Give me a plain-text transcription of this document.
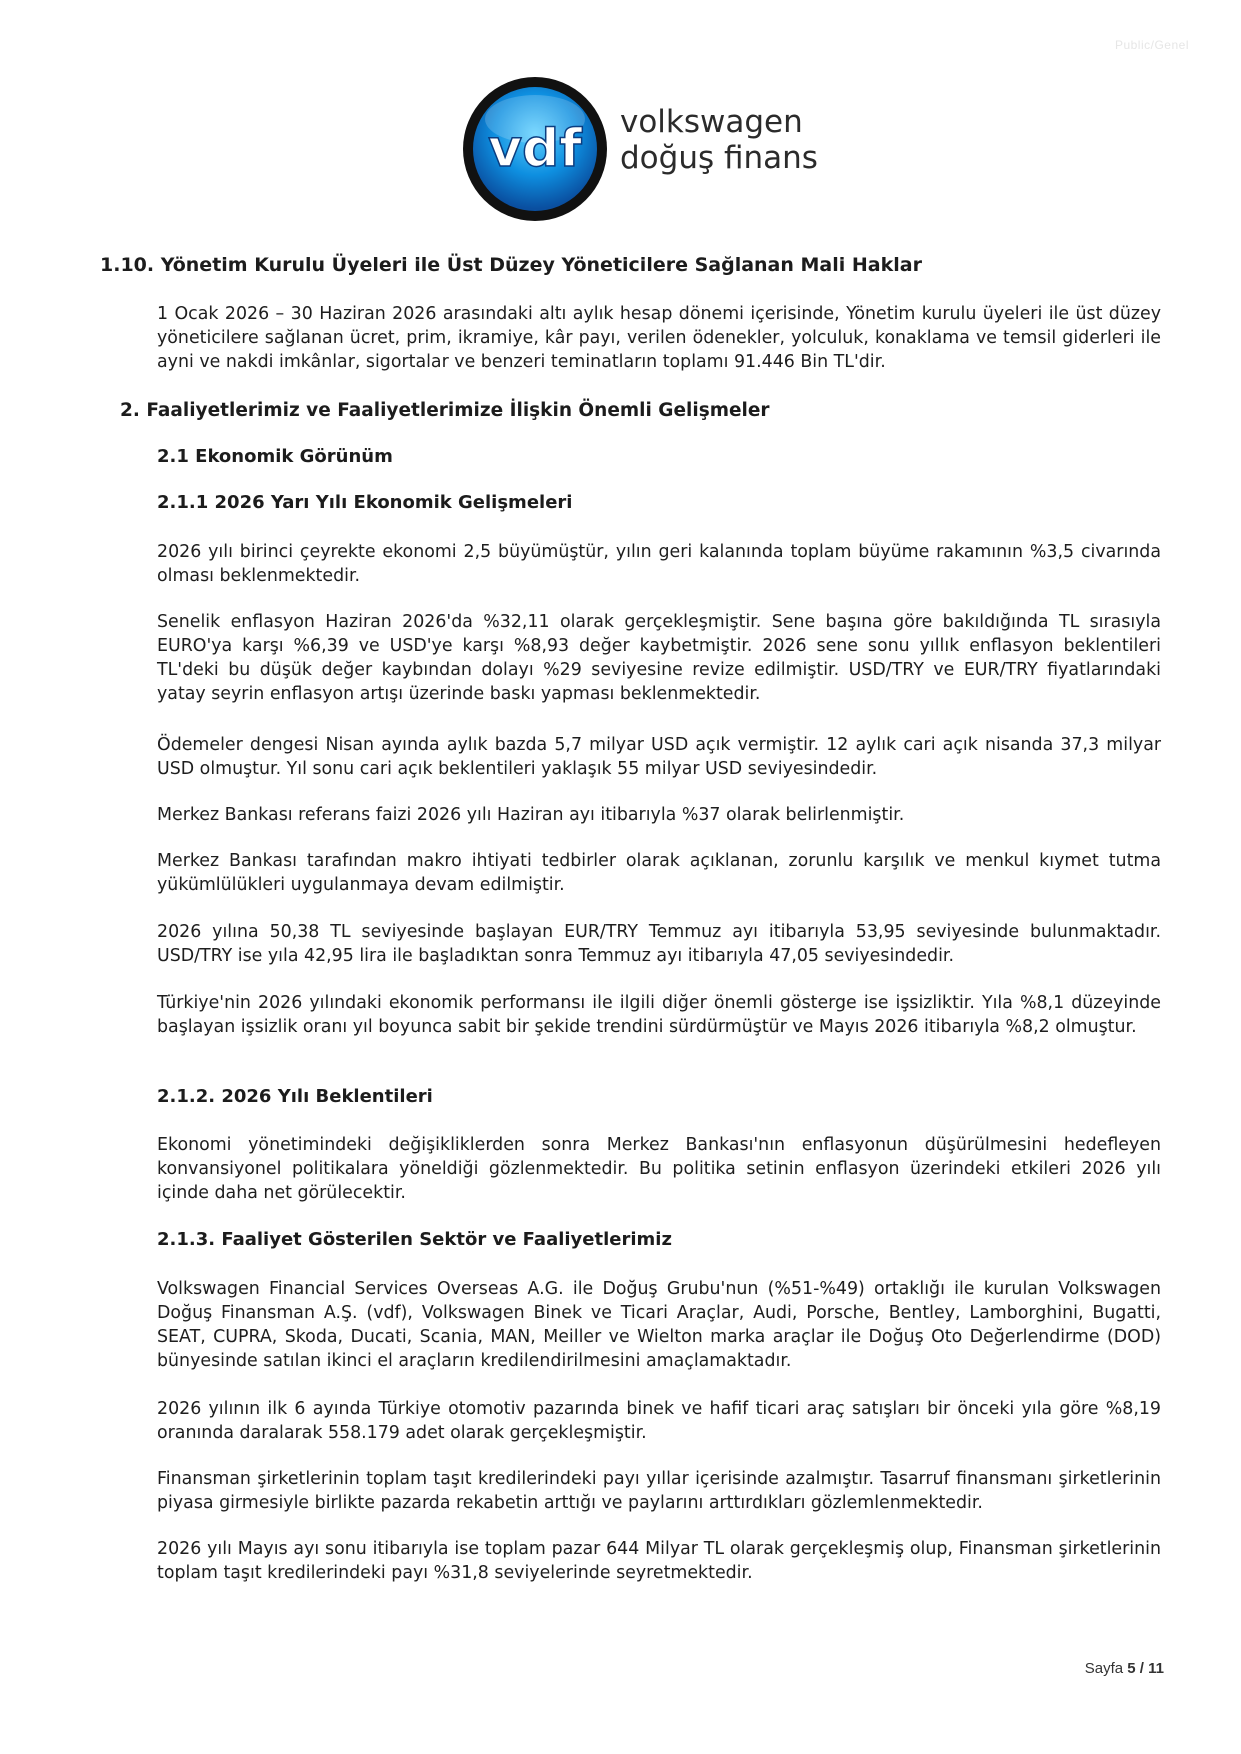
Public/Genel
vdf volkswagen
doğuş finans
1.10. Yönetim Kurulu Üyeleri ile Üst Düzey Yöneticilere Sağlanan Mali Haklar

1 Ocak 2026 – 30 Haziran 2026 arasındaki altı aylık hesap dönemi içerisinde, Yönetim kurulu üyeleri ile üst düzey yöneticilere sağlanan ücret, prim, ikramiye, kâr payı, verilen ödenekler, yolculuk, konaklama ve temsil giderleri ile ayni ve nakdi imkânlar, sigortalar ve benzeri teminatların toplamı 91.446 Bin TL'dir.

2. Faaliyetlerimiz ve Faaliyetlerimize İlişkin Önemli Gelişmeler
2.1 Ekonomik Görünüm
2.1.1 2026 Yarı Yılı Ekonomik Gelişmeleri

2026 yılı birinci çeyrekte ekonomi 2,5 büyümüştür, yılın geri kalanında toplam büyüme rakamının %3,5 civarında olması beklenmektedir.

Senelik enflasyon Haziran 2026'da %32,11 olarak gerçekleşmiştir. Sene başına göre bakıldığında TL sırasıyla EURO'ya karşı %6,39 ve USD'ye karşı %8,93 değer kaybetmiştir. 2026 sene sonu yıllık enflasyon beklentileri TL'deki bu düşük değer kaybından dolayı %29 seviyesine revize edilmiştir. USD/TRY ve EUR/TRY fiyatlarındaki yatay seyrin enflasyon artışı üzerinde baskı yapması beklenmektedir.

Ödemeler dengesi Nisan ayında aylık bazda 5,7 milyar USD açık vermiştir. 12 aylık cari açık nisanda 37,3 milyar USD olmuştur. Yıl sonu cari açık beklentileri yaklaşık 55 milyar USD seviyesindedir.

Merkez Bankası referans faizi 2026 yılı Haziran ayı itibarıyla %37 olarak belirlenmiştir.

Merkez Bankası tarafından makro ihtiyati tedbirler olarak açıklanan, zorunlu karşılık ve menkul kıymet tutma yükümlülükleri uygulanmaya devam edilmiştir.

2026 yılına 50,38 TL seviyesinde başlayan EUR/TRY Temmuz ayı itibarıyla 53,95 seviyesinde bulunmaktadır. USD/TRY ise yıla 42,95 lira ile başladıktan sonra Temmuz ayı itibarıyla 47,05 seviyesindedir.

Türkiye'nin 2026 yılındaki ekonomik performansı ile ilgili diğer önemli gösterge ise işsizliktir. Yıla %8,1 düzeyinde başlayan işsizlik oranı yıl boyunca sabit bir şekide trendini sürdürmüştür ve Mayıs 2026 itibarıyla %8,2 olmuştur.

2.1.2. 2026 Yılı Beklentileri

Ekonomi yönetimindeki değişikliklerden sonra Merkez Bankası'nın enflasyonun düşürülmesini hedefleyen konvansiyonel politikalara yöneldiği gözlenmektedir. Bu politika setinin enflasyon üzerindeki etkileri 2026 yılı içinde daha net görülecektir.

2.1.3. Faaliyet Gösterilen Sektör ve Faaliyetlerimiz

Volkswagen Financial Services Overseas A.G. ile Doğuş Grubu'nun (%51-%49) ortaklığı ile kurulan Volkswagen Doğuş Finansman A.Ş. (vdf), Volkswagen Binek ve Ticari Araçlar, Audi, Porsche, Bentley, Lamborghini, Bugatti, SEAT, CUPRA, Skoda, Ducati, Scania, MAN, Meiller ve Wielton marka araçlar ile Doğuş Oto Değerlendirme (DOD) bünyesinde satılan ikinci el araçların kredilendirilmesini amaçlamaktadır.

2026 yılının ilk 6 ayında Türkiye otomotiv pazarında binek ve hafif ticari araç satışları bir önceki yıla göre %8,19 oranında daralarak 558.179 adet olarak gerçekleşmiştir.

Finansman şirketlerinin toplam taşıt kredilerindeki payı yıllar içerisinde azalmıştır. Tasarruf finansmanı şirketlerinin piyasa girmesiyle birlikte pazarda rekabetin arttığı ve paylarını arttırdıkları gözlemlenmektedir.

2026 yılı Mayıs ayı sonu itibarıyla ise toplam pazar 644 Milyar TL olarak gerçekleşmiş olup, Finansman şirketlerinin toplam taşıt kredilerindeki payı %31,8 seviyelerinde seyretmektedir.

Sayfa 5 / 11
